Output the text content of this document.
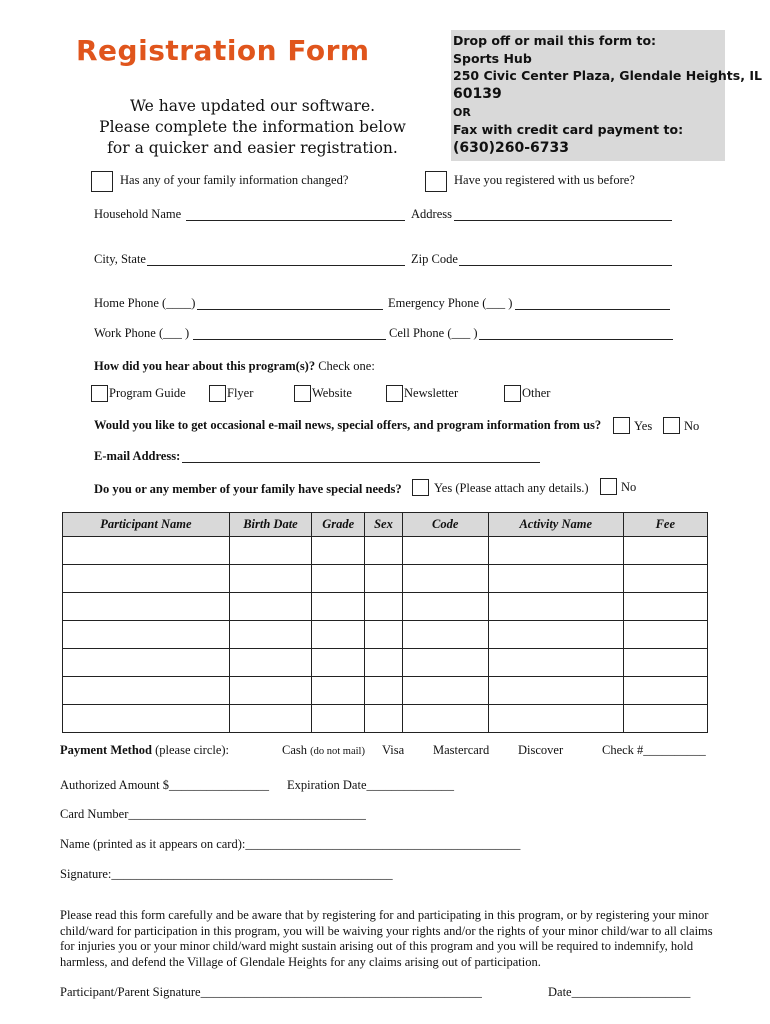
Registration Form
We have updated our software.
Please complete the information below
for a quicker and easier registration.
Drop off or mail this form to:
Sports Hub
250 Civic Center Plaza, Glendale Heights, IL
60139
OR
Fax with credit card payment to:
(630)260-6733
Has any of your family information changed?	Have you registered with us before?
Household Name	Address
City, State	Zip Code
Home Phone (____)	Emergency Phone (___ )
Work Phone (___ )	Cell Phone (___ )
How did you hear about this program(s)? Check one:
Program Guide	Flyer	Website	Newsletter	Other
Would you like to get occasional e-mail news, special offers, and program information from us?	Yes	No
E-mail Address:
Do you or any member of your family have special needs?	Yes (Please attach any details.)	No
Participant Name	Birth Date	Grade	Sex	Code	Activity Name	Fee

Payment Method (please circle):	Cash (do not mail) Visa Mastercard Discover	Check #__________
Authorized Amount $________________ Expiration Date______________
Card Number______________________________________
Name (printed as it appears on card):____________________________________________
Signature:_____________________________________________
Please read this form carefully and be aware that by registering for and participating in this program, or by registering your minor child/ward for participation in this program, you will be waiving your rights and/or the rights of your minor child/war to all claims for injuries you or your minor child/ward might sustain arising out of this program and you will be required to indemnify, hold harmless, and defend the Village of Glendale Heights for any claims arising out of participation.
Participant/Parent Signature_____________________________________________	Date___________________
